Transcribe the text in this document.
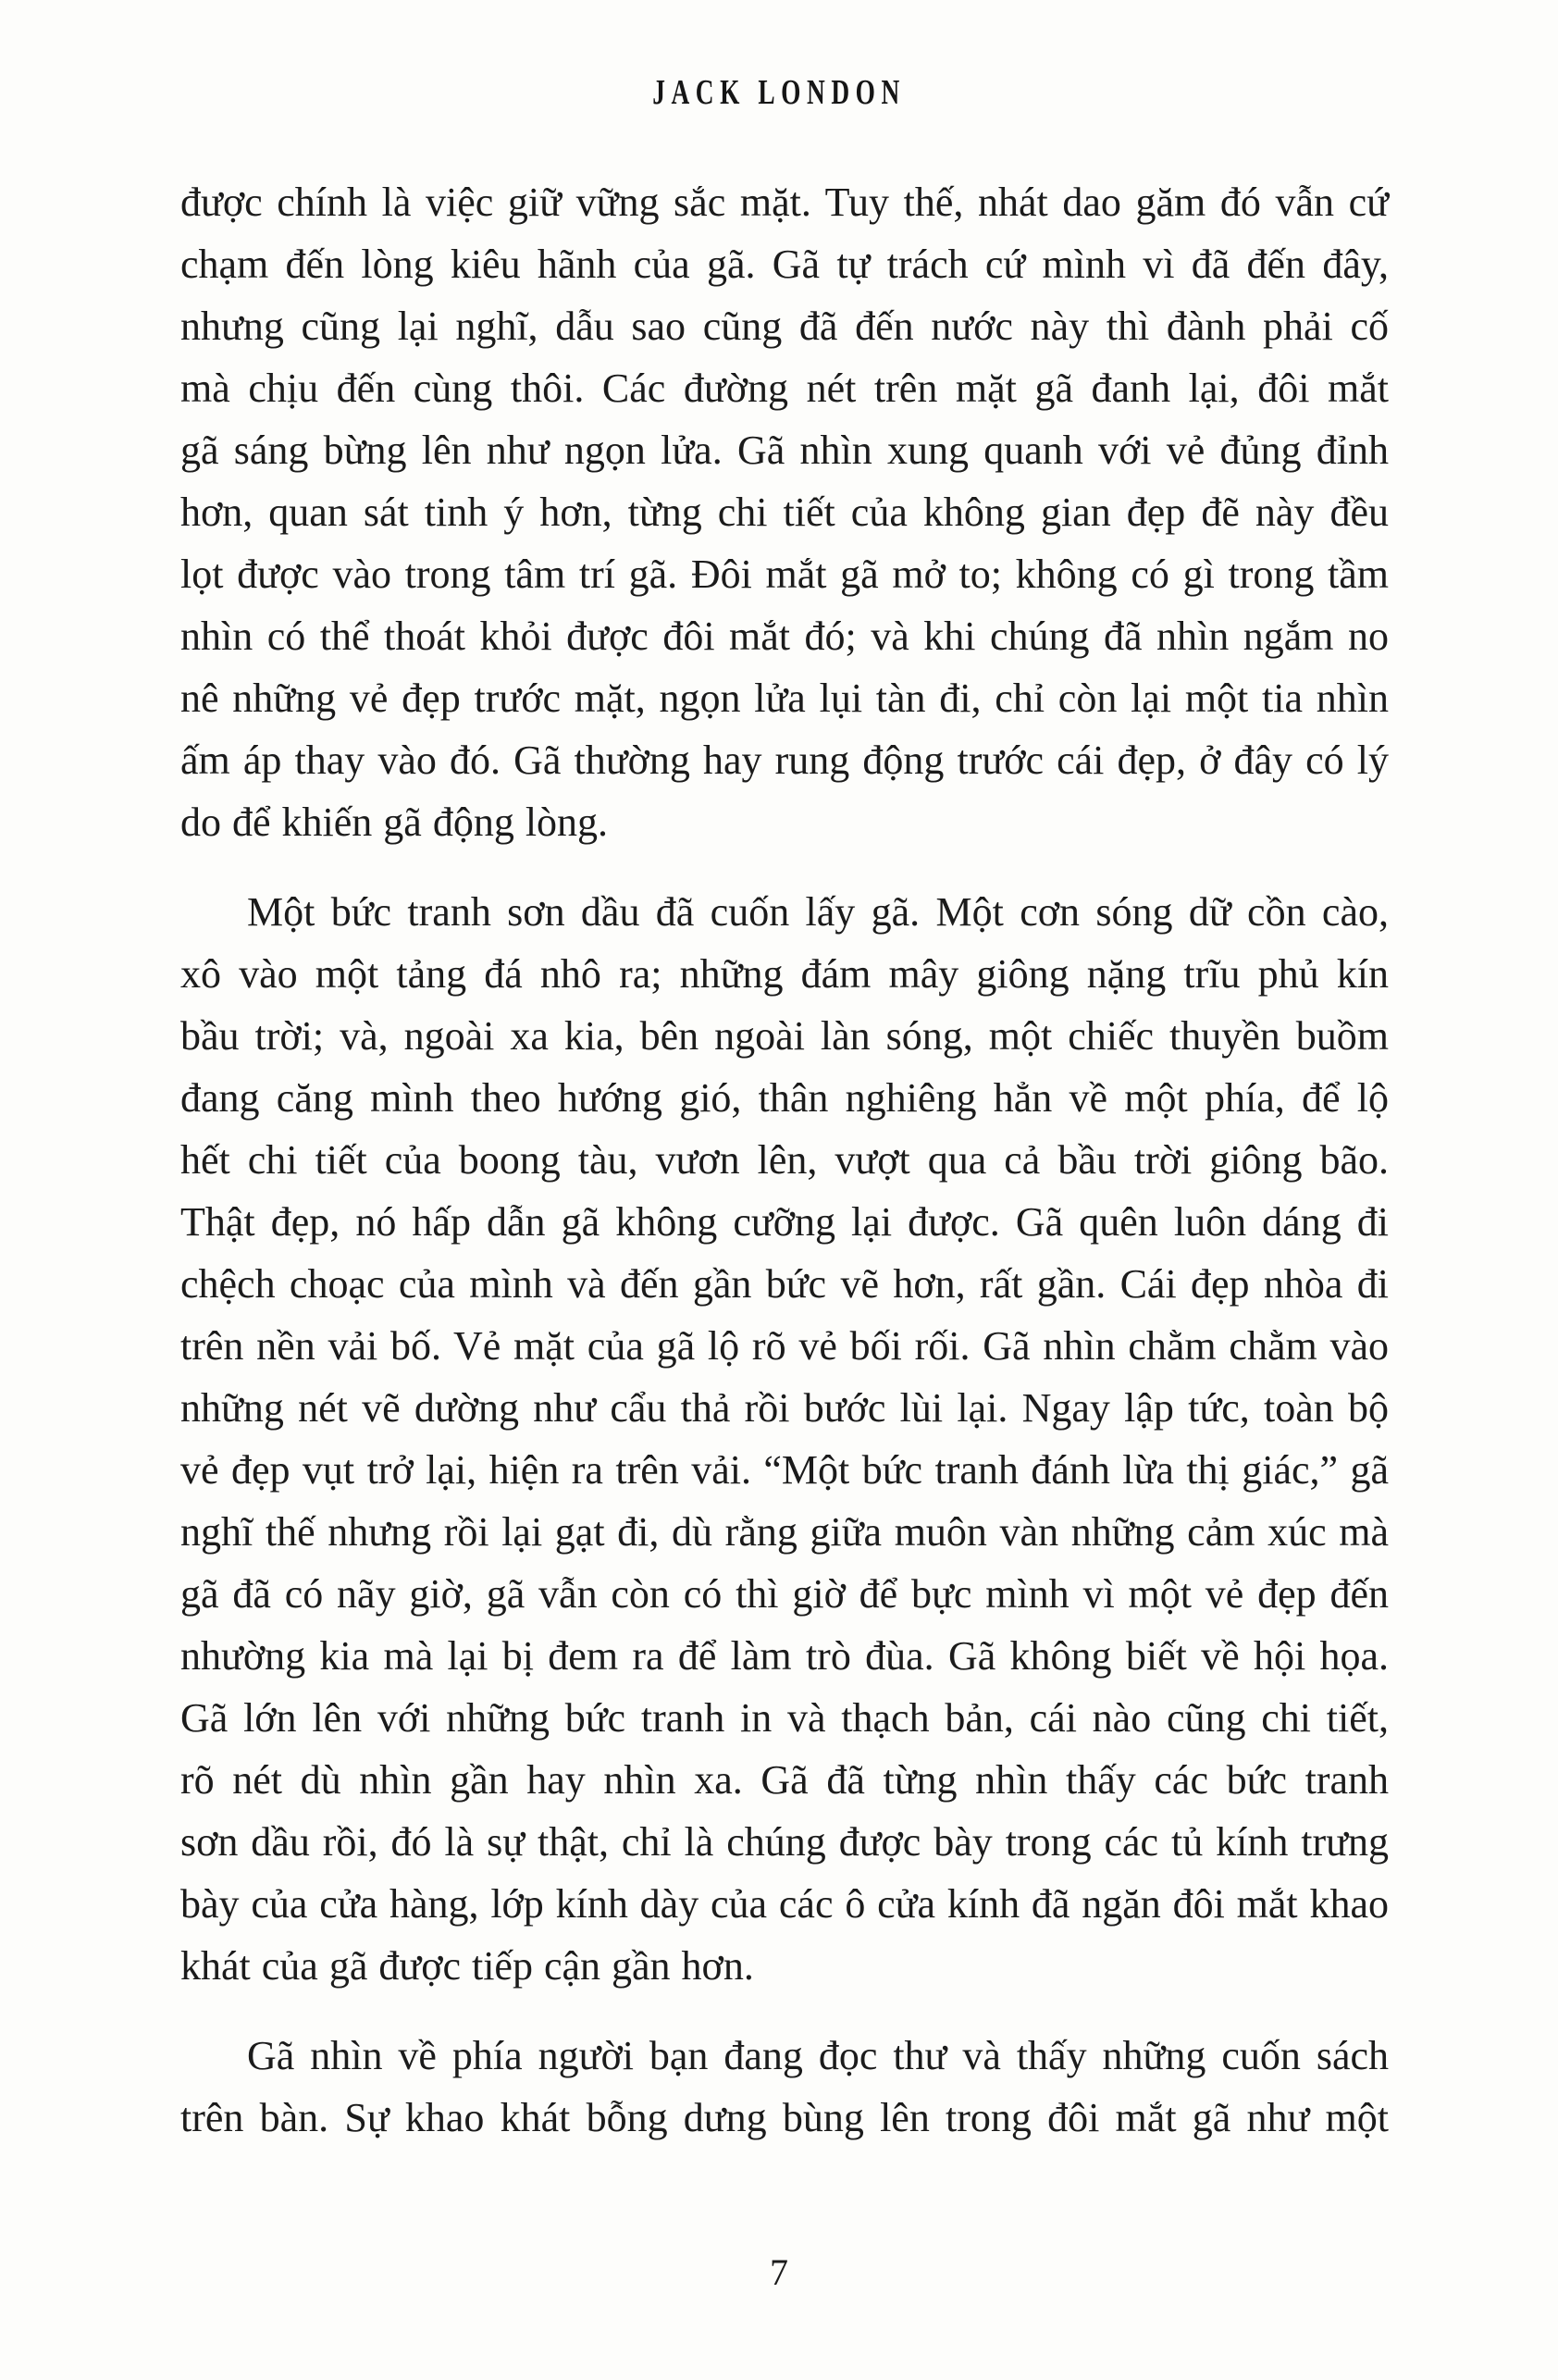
JACK LONDON
được chính là việc giữ vững sắc mặt. Tuy thế, nhát dao găm đó vẫn cứ
chạm đến lòng kiêu hãnh của gã. Gã tự trách cứ mình vì đã đến đây,
nhưng cũng lại nghĩ, dẫu sao cũng đã đến nước này thì đành phải cố
mà chịu đến cùng thôi. Các đường nét trên mặt gã đanh lại, đôi mắt
gã sáng bừng lên như ngọn lửa. Gã nhìn xung quanh với vẻ đủng đỉnh
hơn, quan sát tinh ý hơn, từng chi tiết của không gian đẹp đẽ này đều
lọt được vào trong tâm trí gã. Đôi mắt gã mở to; không có gì trong tầm
nhìn có thể thoát khỏi được đôi mắt đó; và khi chúng đã nhìn ngắm no
nê những vẻ đẹp trước mặt, ngọn lửa lụi tàn đi, chỉ còn lại một tia nhìn
ấm áp thay vào đó. Gã thường hay rung động trước cái đẹp, ở đây có lý
do để khiến gã động lòng.
Một bức tranh sơn dầu đã cuốn lấy gã. Một cơn sóng dữ cồn cào,
xô vào một tảng đá nhô ra; những đám mây giông nặng trĩu phủ kín
bầu trời; và, ngoài xa kia, bên ngoài làn sóng, một chiếc thuyền buồm
đang căng mình theo hướng gió, thân nghiêng hẳn về một phía, để lộ
hết chi tiết của boong tàu, vươn lên, vượt qua cả bầu trời giông bão.
Thật đẹp, nó hấp dẫn gã không cưỡng lại được. Gã quên luôn dáng đi
chệch choạc của mình và đến gần bức vẽ hơn, rất gần. Cái đẹp nhòa đi
trên nền vải bố. Vẻ mặt của gã lộ rõ vẻ bối rối. Gã nhìn chằm chằm vào
những nét vẽ dường như cẩu thả rồi bước lùi lại. Ngay lập tức, toàn bộ
vẻ đẹp vụt trở lại, hiện ra trên vải. “Một bức tranh đánh lừa thị giác,” gã
nghĩ thế nhưng rồi lại gạt đi, dù rằng giữa muôn vàn những cảm xúc mà
gã đã có nãy giờ, gã vẫn còn có thì giờ để bực mình vì một vẻ đẹp đến
nhường kia mà lại bị đem ra để làm trò đùa. Gã không biết về hội họa.
Gã lớn lên với những bức tranh in và thạch bản, cái nào cũng chi tiết,
rõ nét dù nhìn gần hay nhìn xa. Gã đã từng nhìn thấy các bức tranh
sơn dầu rồi, đó là sự thật, chỉ là chúng được bày trong các tủ kính trưng
bày của cửa hàng, lớp kính dày của các ô cửa kính đã ngăn đôi mắt khao
khát của gã được tiếp cận gần hơn.
Gã nhìn về phía người bạn đang đọc thư và thấy những cuốn sách
trên bàn. Sự khao khát bỗng dưng bùng lên trong đôi mắt gã như một
7
